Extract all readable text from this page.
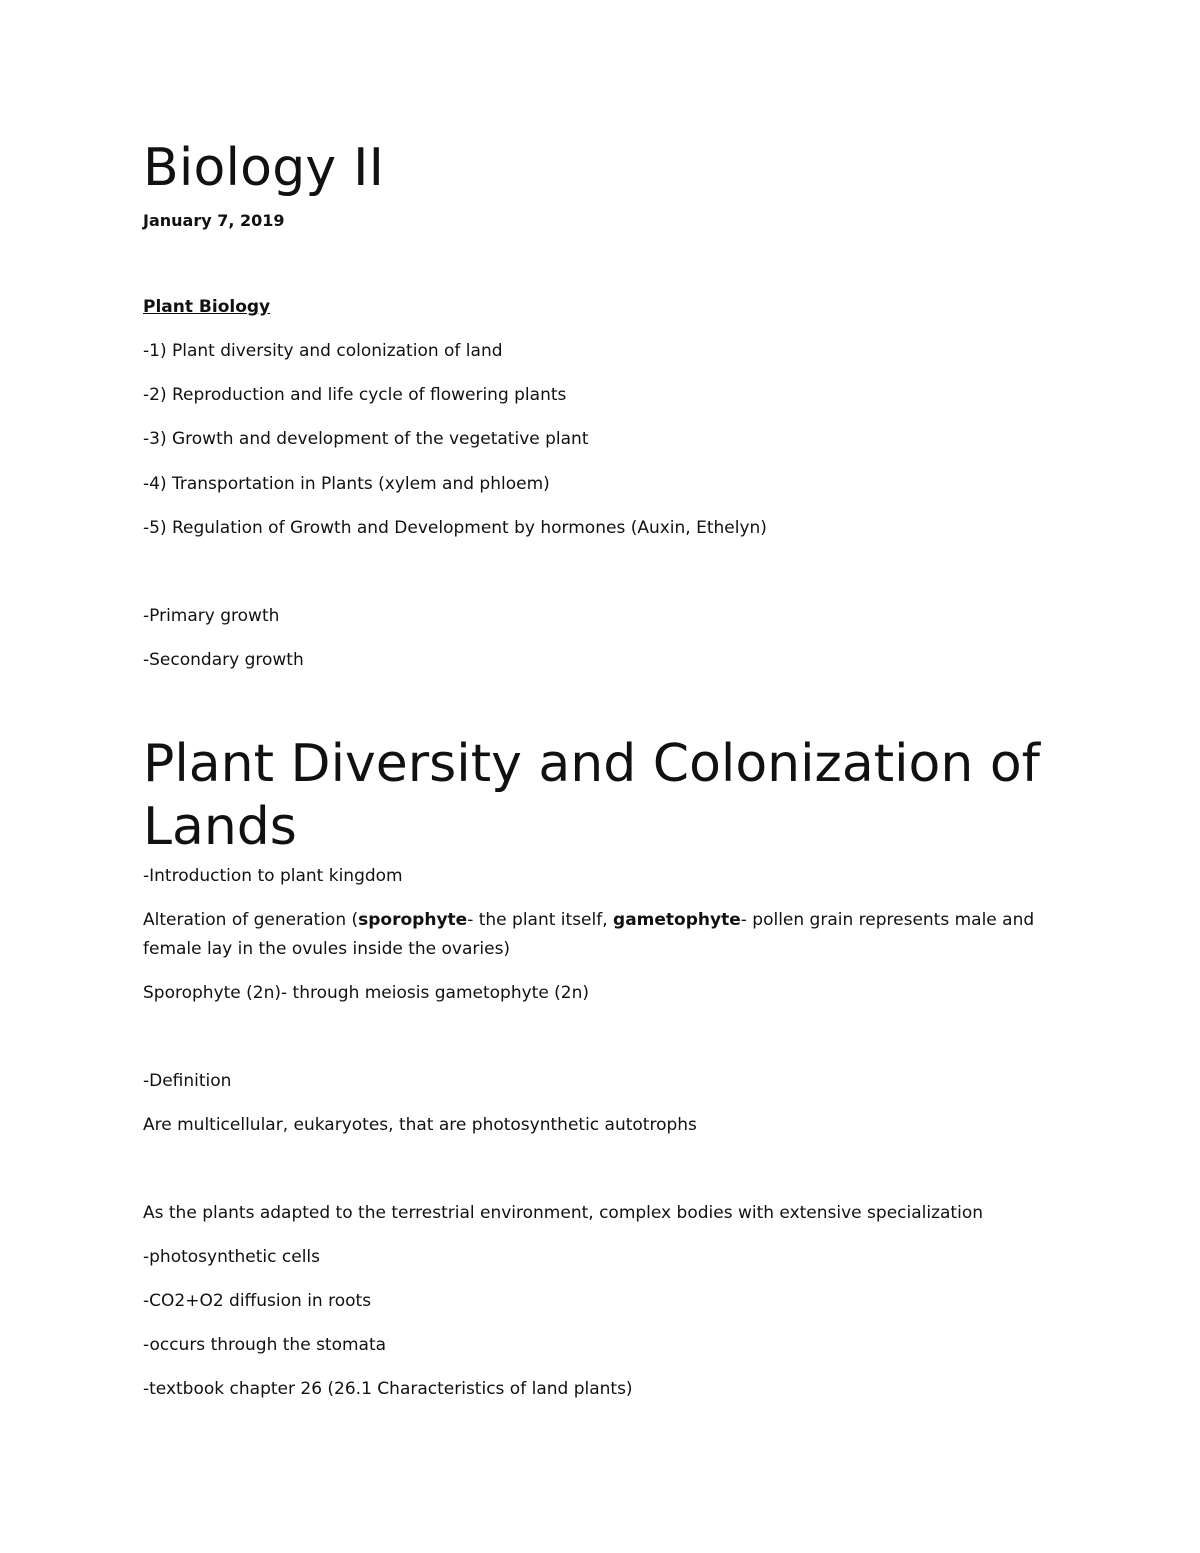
Biology II
January 7, 2019
Plant Biology
-1) Plant diversity and colonization of land
-2) Reproduction and life cycle of flowering plants
-3) Growth and development of the vegetative plant
-4) Transportation in Plants (xylem and phloem)
-5) Regulation of Growth and Development by hormones (Auxin, Ethelyn)
-Primary growth
-Secondary growth
Plant Diversity and Colonization of Lands
-Introduction to plant kingdom
Alteration of generation (sporophyte- the plant itself, gametophyte- pollen grain represents male and female lay in the ovules inside the ovaries)
Sporophyte (2n)- through meiosis gametophyte (2n)
-Definition
Are multicellular, eukaryotes, that are photosynthetic autotrophs
As the plants adapted to the terrestrial environment, complex bodies with extensive specialization
-photosynthetic cells
-CO2+O2 diffusion in roots
-occurs through the stomata
-textbook chapter 26 (26.1 Characteristics of land plants)
